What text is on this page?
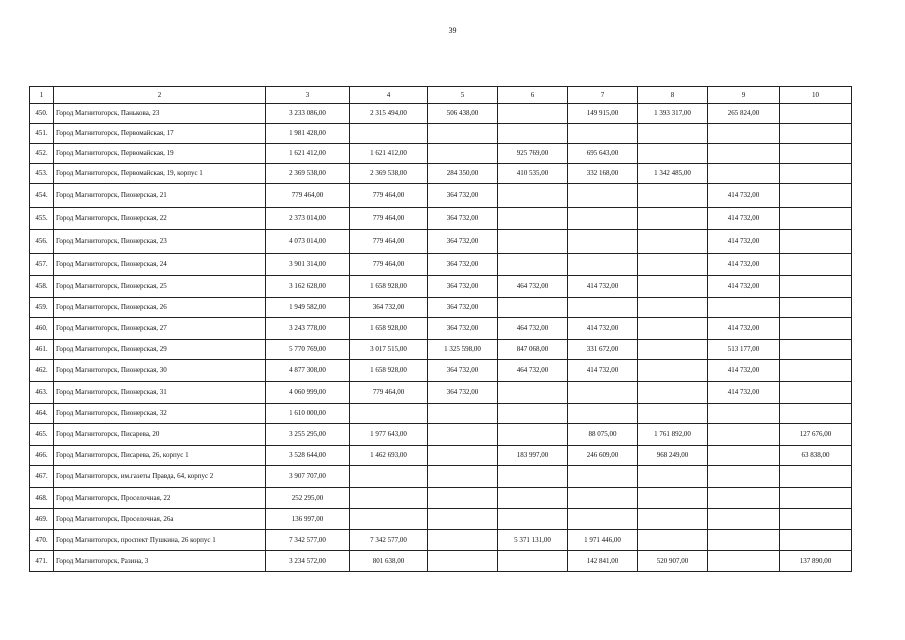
39
1	2	3	4	5	6	7	8	9	10
450.	Город Магнитогорск, Панькова, 23	3 233 086,00	2 315 494,00	506 438,00		149 915,00	1 393 317,00	265 824,00	
451.	Город Магнитогорск, Первомайская, 17	1 981 428,00							
452.	Город Магнитогорск, Первомайская, 19	1 621 412,00	1 621 412,00		925 769,00	695 643,00			
453.	Город Магнитогорск, Первомайская, 19, корпус 1	2 369 538,00	2 369 538,00	284 350,00	410 535,00	332 168,00	1 342 485,00		
454.	Город Магнитогорск, Пионерская, 21	779 464,00	779 464,00	364 732,00				414 732,00	
455.	Город Магнитогорск, Пионерская, 22	2 373 014,00	779 464,00	364 732,00				414 732,00	
456.	Город Магнитогорск, Пионерская, 23	4 073 014,00	779 464,00	364 732,00				414 732,00	
457.	Город Магнитогорск, Пионерская, 24	3 901 314,00	779 464,00	364 732,00				414 732,00	
458.	Город Магнитогорск, Пионерская, 25	3 162 628,00	1 658 928,00	364 732,00	464 732,00	414 732,00		414 732,00	
459.	Город Магнитогорск, Пионерская, 26	1 949 582,00	364 732,00	364 732,00					
460.	Город Магнитогорск, Пионерская, 27	3 243 778,00	1 658 928,00	364 732,00	464 732,00	414 732,00		414 732,00	
461.	Город Магнитогорск, Пионерская, 29	5 770 769,00	3 017 515,00	1 325 598,00	847 068,00	331 672,00		513 177,00	
462.	Город Магнитогорск, Пионерская, 30	4 877 308,00	1 658 928,00	364 732,00	464 732,00	414 732,00		414 732,00	
463.	Город Магнитогорск, Пионерская, 31	4 060 999,00	779 464,00	364 732,00				414 732,00	
464.	Город Магнитогорск, Пионерская, 32	1 610 000,00							
465.	Город Магнитогорск, Писарева, 20	3 255 295,00	1 977 643,00			88 075,00	1 761 892,00		127 676,00
466.	Город Магнитогорск, Писарева, 26, корпус 1	3 528 644,00	1 462 693,00		183 997,00	246 609,00	968 249,00		63 838,00
467.	Город Магнитогорск, им.газеты Правда, 64, корпус 2	3 907 707,00							
468.	Город Магнитогорск, Проселочная, 22	252 295,00							
469.	Город Магнитогорск, Проселочная, 26а	136 997,00							
470.	Город Магнитогорск, проспект Пушкина, 26 корпус 1	7 342 577,00	7 342 577,00		5 371 131,00	1 971 446,00			
471.	Город Магнитогорск, Разина, 3	3 234 572,00	801 638,00			142 841,00	520 907,00		137 890,00
